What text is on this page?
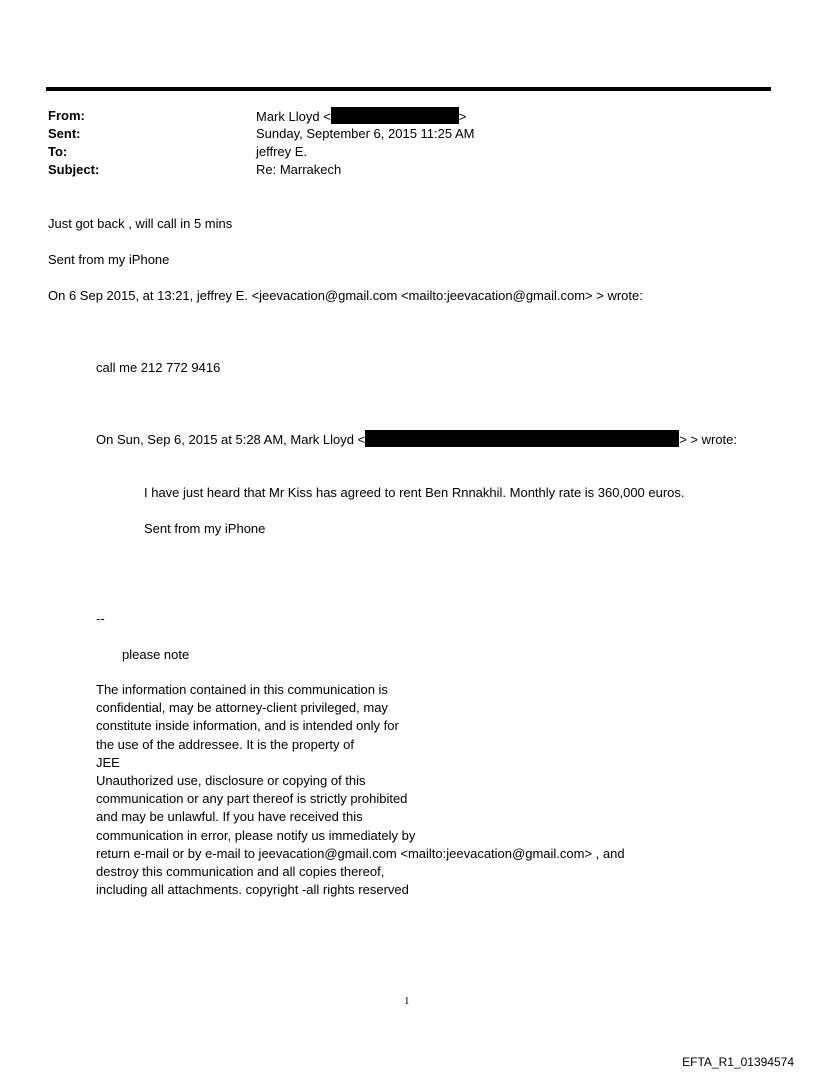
From:	Mark Lloyd <	>
Sent:	Sunday, September 6, 2015 11:25 AM
To:	jeffrey E.
Subject:	Re: Marrakech
Just got back , will call in 5 mins
Sent from my iPhone
On 6 Sep 2015, at 13:21, jeffrey E. <jeevacation@gmail.com <mailto:jeevacation@gmail.com> > wrote:
call me 212 772 9416
On Sun, Sep 6, 2015 at 5:28 AM, Mark Lloyd <	> > wrote:
I have just heard that Mr Kiss has agreed to rent Ben Rnnakhil. Monthly rate is 360,000 euros.
Sent from my iPhone
--
please note
The information contained in this communication is
confidential, may be attorney-client privileged, may
constitute inside information, and is intended only for
the use of the addressee. It is the property of
JEE
Unauthorized use, disclosure or copying of this
communication or any part thereof is strictly prohibited
and may be unlawful. If you have received this
communication in error, please notify us immediately by
return e-mail or by e-mail to jeevacation@gmail.com <mailto:jeevacation@gmail.com> , and
destroy this communication and all copies thereof,
including all attachments. copyright -all rights reserved
1
EFTA_R1_01394574
